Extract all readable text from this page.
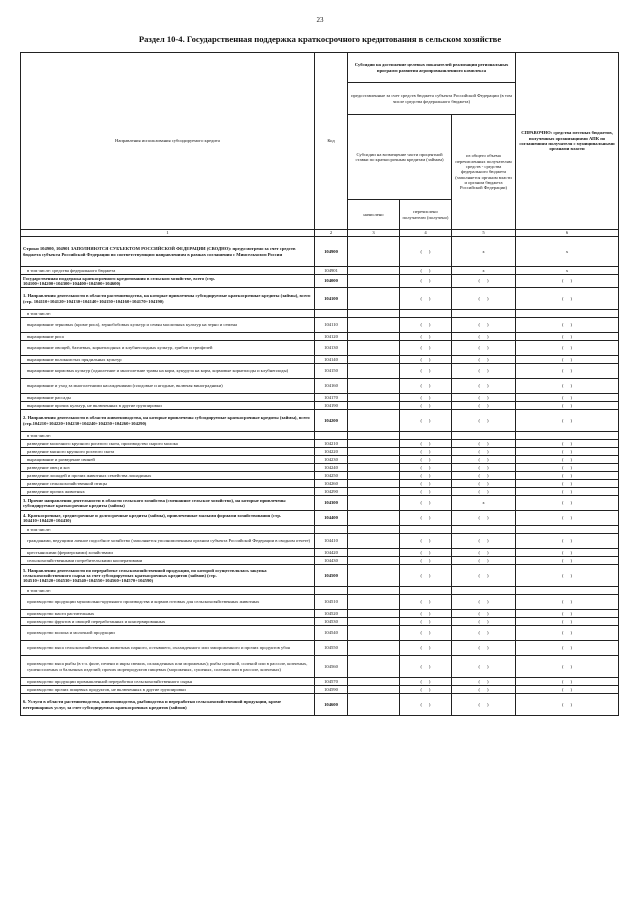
23
Раздел 10-4. Государственная поддержка краткосрочного кредитования в сельском хозяйстве
Направления использования субсидируемого кредита	Код	Субсидии на достижение целевых показателей реализации региональных программ развития агропромышленного комплекса			СПРАВОЧНО: средства местных бюджетов, полученных организациями АПК по соглашениям получателя с муниципальными органами власти
		предоставленные за счет средств бюджета субъекта Российской Федерации (в том числе средства федерального бюджета)			
		Субсидии на возмещение части процентной ставки по краткосрочным кредитам (займам)		из общего объема перечисленных получателям средств - средства федерального бюджета (заполняется органом власти и органом бюджета Российской Федерации)	
		начислено	перечислено получателю (получено)		
1	2	3	4	5	6
Строки 104900, 104901 ЗАПОЛНЯЮТСЯ СУБЪЕКТОМ РОССИЙСКОЙ ФЕДЕРАЦИИ (СВОДНО): предусмотрено за счет средств бюджета субъекта Российской Федерации по соответствующим направлениям в рамках соглашения с Минсельхозом России	104900		(      )	x	x
в том числе: средства федерального бюджета	104901		(      )	x	x
Государственная поддержка краткосрочного кредитования в сельском хозяйстве, всего (стр. 104100+104200+104300+104400+104500+104600)	104000		(      )	(      )	(      )
1. Направления деятельности в области растениеводства, на которые привлечены субсидируемые краткосрочные кредиты (займы), всего (стр. 104110+104120+104130+104140+104150+104160+104170+104190)	104100		(      )	(      )	(      )
в том числе:					
выращивание зерновых (кроме риса), зернобобовых культур и семян масличных культур на зерно и семена	104110		(      )	(      )	(      )
выращивание риса	104120		(      )	(      )	(      )
выращивание овощей, бахчевых, корнеплодных и клубнеплодных культур, грибов и трюфелей	104130		(      )	(      )	(      )
выращивание волокнистых прядильных культур	104140		(      )	(      )	(      )
выращивание кормовых культур (однолетние и многолетние травы на корм, кукуруза на корм, кормовые корнеплоды и клубнеплоды)	104150		(      )	(      )	(      )
выращивание и уход за многолетними насаждениями (плодовые и ягодные, включая виноградники)	104160		(      )	(      )	(      )
выращивание рассады	104170		(      )	(      )	(      )
выращивание прочих культур, не включенных в другие группировки	104190		(      )	(      )	(      )
2. Направления деятельности в области животноводства, на которые привлечены субсидируемые краткосрочные кредиты (займы), всего (стр.104210+104220+104230+104240+104250+104260+104290)	104200		(      )	(      )	(      )
в том числе:					
разведение молочного крупного рогатого скота, производство сырого молока	104210		(      )	(      )	(      )
разведение мясного крупного рогатого скота	104220		(      )	(      )	(      )
выращивание и разведение свиней	104230		(      )	(      )	(      )
разведение овец и коз	104240		(      )	(      )	(      )
разведение лошадей и прочих животных семейства лошадиных	104250		(      )	(      )	(      )
разведение сельскохозяйственной птицы	104260		(      )	(      )	(      )
разведение прочих животных	104290		(      )	(      )	(      )
3. Прочие направления деятельности в области сельского хозяйства (смешанное сельское хозяйство), на которые привлечены субсидируемые краткосрочные кредиты (займы)	104300		(      )	x	(      )
4. Краткосрочные, среднесрочные и долгосрочные кредиты (займы), привлеченные малыми формами хозяйствования (стр. 104410+104420+104430)	104400		(      )	(      )	(      )
в том числе:					
гражданами, ведущими личное подсобное хозяйство (заполняется уполномоченным органом субъекта Российской Федерации в сводном отчете)	104410		(      )	(      )	(      )
крестьянскими (фермерскими) хозяйствами	104420		(      )	(      )	(      )
сельскохозяйственными потребительскими кооперативами	104430		(      )	(      )	(      )
5. Направления деятельности по переработке сельскохозяйственной продукции, по которой осуществлялась закупка сельскохозяйственного сырья за счет субсидируемых краткосрочных кредитов (займов) (стр. 104510+104520+104530+104540+104550+104560+104570+104590)	104500		(      )	(      )	(      )
в том числе:					
производство продукции мукомольно-крупяного производства и кормов готовых для сельскохозяйственных животных	104510		(      )	(      )	(      )
производство масел растительных	104520		(      )	(      )	(      )
производство фруктов и овощей переработанных и консервированных	104530		(      )	(      )	(      )
производство молока и молочной продукции	104540		(      )	(      )	(      )
производство мяса сельскохозяйственных животных парного, остывшего, охлажденного или замороженного и прочих продуктов убоя	104550		(      )	(      )	(      )
производство мяса рыбы (в т.ч. филе, печени и икры свежих, охлажденных или мороженых); рыбы сушеной, соленой или в рассоле, копченых, сушеносоленых и балычных изделий; прочих морепродуктов пищевых (мороженых, сушеных, соленых или в рассоле, копченых)	104560		(      )	(      )	(      )
производство продукции промышленной переработки сельскохозяйственного сырья	104570		(      )	(      )	(      )
производство прочих пищевых продуктов, не включенных в другие группировки	104590		(      )	(      )	(      )
6. Услуги в области растениеводства, животноводства, рыбоводства и переработки сельскохозяйственной продукции, кроме ветеринарных услуг, за счет субсидируемых краткосрочных кредитов (займов)	104600		(      )	(      )	(      )
